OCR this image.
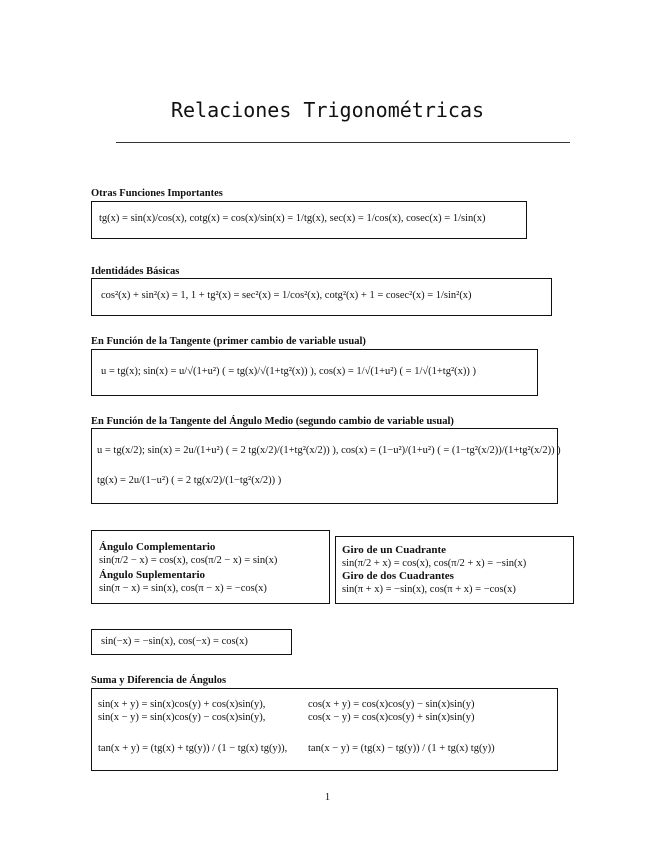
Relaciones Trigonométricas
Otras Funciones Importantes
tg(x) = sin(x)/cos(x), cotg(x) = cos(x)/sin(x) = 1/tg(x), sec(x) = 1/cos(x), cosec(x) = 1/sin(x)
Identidádes Básicas
cos²(x) + sin²(x) = 1, 1 + tg²(x) = sec²(x) = 1/cos²(x), cotg²(x) + 1 = cosec²(x) = 1/sin²(x)
En Función de la Tangente (primer cambio de variable usual)
u = tg(x); sin(x) = u/√(1+u²) ( = tg(x)/√(1+tg²(x)) ), cos(x) = 1/√(1+u²) ( = 1/√(1+tg²(x)) )
En Función de la Tangente del Ángulo Medio (segundo cambio de variable usual)
u = tg(x/2); sin(x) = 2u/(1+u²) ( = 2 tg(x/2)/(1+tg²(x/2)) ), cos(x) = (1−u²)/(1+u²) ( = (1−tg²(x/2))/(1+tg²(x/2)) )
tg(x) = 2u/(1−u²) ( = 2 tg(x/2)/(1−tg²(x/2)) )
Ángulo Complementario
sin(π/2 − x) = cos(x), cos(π/2 − x) = sin(x)
Ángulo Suplementario
sin(π − x) = sin(x), cos(π − x) = −cos(x)
Giro de un Cuadrante
sin(π/2 + x) = cos(x), cos(π/2 + x) = −sin(x)
Giro de dos Cuadrantes
sin(π + x) = −sin(x), cos(π + x) = −cos(x)
sin(−x) = −sin(x), cos(−x) = cos(x)
Suma y Diferencia de Ángulos
sin(x + y) = sin(x)cos(y) + cos(x)sin(y),	cos(x + y) = cos(x)cos(y) − sin(x)sin(y)
sin(x − y) = sin(x)cos(y) − cos(x)sin(y),	cos(x − y) = cos(x)cos(y) + sin(x)sin(y)
tan(x + y) = (tg(x) + tg(y)) / (1 − tg(x) tg(y)), tan(x − y) = (tg(x) − tg(y)) / (1 + tg(x) tg(y))
1
